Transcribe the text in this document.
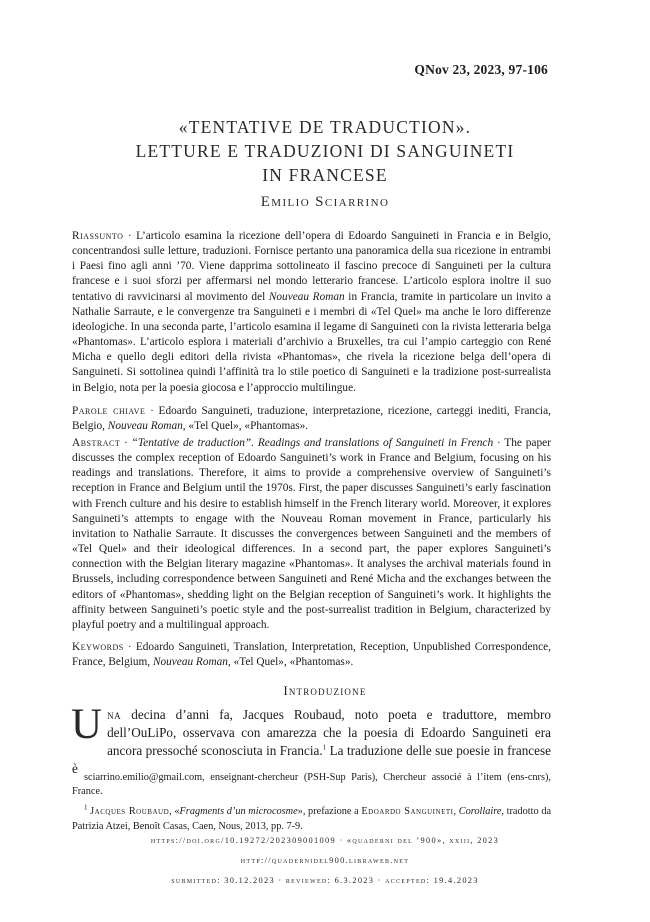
QNov 23, 2023, 97-106
«TENTATIVE DE TRADUCTION».
LETTURE E TRADUZIONI DI SANGUINETI
IN FRANCESE
Emilio Sciarrino
Riassunto · L’articolo esamina la ricezione dell’opera di Edoardo Sanguineti in Francia e in Belgio, concentrandosi sulle letture, traduzioni. Fornisce pertanto una panoramica della sua ricezione in entrambi i Paesi fino agli anni ’70. Viene dapprima sottolineato il fascino precoce di Sanguineti per la cultura francese e i suoi sforzi per affermarsi nel mondo letterario francese. L’articolo esplora inoltre il suo tentativo di ravvicinarsi al movimento del Nouveau Roman in Francia, tramite in particolare un invito a Nathalie Sarraute, e le convergenze tra Sanguineti e i membri di «Tel Quel» ma anche le loro differenze ideologiche. In una seconda parte, l’articolo esamina il legame di Sanguineti con la rivista letteraria belga «Phantomas». L’articolo esplora i materiali d’archivio a Bruxelles, tra cui l’ampio carteggio con René Micha e quello degli editori della rivista «Phantomas», che rivela la ricezione belga dell’opera di Sanguineti. Si sottolinea quindi l’affinità tra lo stile poetico di Sanguineti e la tradizione post-surrealista in Belgio, nota per la poesia giocosa e l’approccio multilingue.
Parole chiave · Edoardo Sanguineti, traduzione, interpretazione, ricezione, carteggi inediti, Francia, Belgio, Nouveau Roman, «Tel Quel», «Phantomas».
Abstract · “Tentative de traduction”. Readings and translations of Sanguineti in French · The paper discusses the complex reception of Edoardo Sanguineti’s work in France and Belgium, focusing on his readings and translations. Therefore, it aims to provide a comprehensive overview of Sanguineti’s reception in France and Belgium until the 1970s. First, the paper discusses Sanguineti’s early fascination with French culture and his desire to establish himself in the French literary world. Moreover, it explores Sanguineti’s attempts to engage with the Nouveau Roman movement in France, particularly his invitation to Nathalie Sarraute. It discusses the convergences between Sanguineti and the members of «Tel Quel» and their ideological differences. In a second part, the paper explores Sanguineti’s connection with the Belgian literary magazine «Phantomas». It analyses the archival materials found in Brussels, including correspondence between Sanguineti and René Micha and the exchanges between the editors of «Phantomas», shedding light on the Belgian reception of Sanguineti’s work. It highlights the affinity between Sanguineti’s poetic style and the post-surrealist tradition in Belgium, characterized by playful poetry and a multilingual approach.
Keywords · Edoardo Sanguineti, Translation, Interpretation, Reception, Unpublished Correspondence, France, Belgium, Nouveau Roman, «Tel Quel», «Phantomas».
Introduzione
Una decina d’anni fa, Jacques Roubaud, noto poeta e traduttore, membro dell’OuLiPo, osservava con amarezza che la poesia di Edoardo Sanguineti era ancora pressoché sconosciuta in Francia.$^1$ La traduzione delle sue poesie in francese è

sciarrino.emilio@gmail.com, enseignant-chercheur (PSH-Sup Paris), Chercheur associé à l’item (ens-cnrs), France.

$^1$ Jacques Roubaud, «Fragments d’un microcosme», prefazione a Edoardo Sanguineti, Corollaire, tradotto da Patrizia Atzei, Benoît Casas, Caen, Nous, 2013, pp. 7-9.

https://doi.org/10.19272/202309001009 · «quaderni del ’900», xxiii, 2023
http://quadernidel900.libraweb.net
submitted: 30.12.2023 · reviewed: 6.3.2023 · accepted: 19.4.2023
